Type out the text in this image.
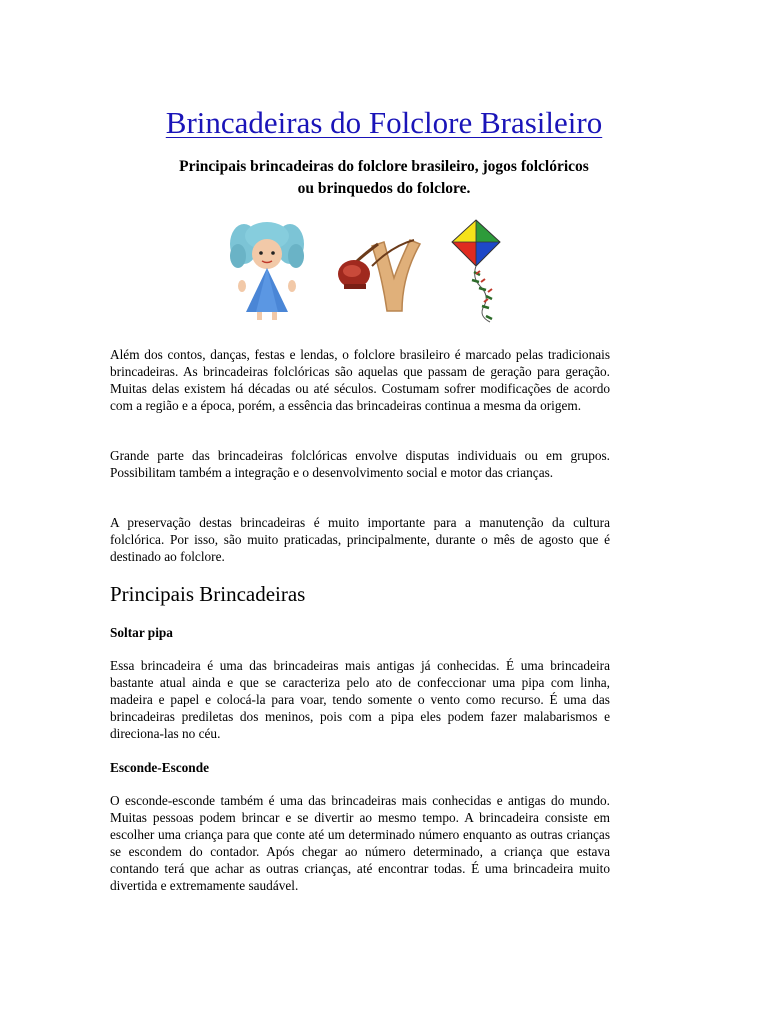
Brincadeiras do Folclore Brasileiro

Principais brincadeiras do folclore brasileiro, jogos folclóricos ou brinquedos do folclore.

Além dos contos, danças, festas e lendas, o folclore brasileiro é marcado pelas tradicionais brincadeiras. As brincadeiras folclóricas são aquelas que passam de geração para geração. Muitas delas existem há décadas ou até séculos. Costumam sofrer modificações de acordo com a região e a época, porém, a essência das brincadeiras continua a mesma da origem.

Grande parte das brincadeiras folclóricas envolve disputas individuais ou em grupos. Possibilitam também a integração e o desenvolvimento social e motor das crianças.

A preservação destas brincadeiras é muito importante para a manutenção da cultura folclórica. Por isso, são muito praticadas, principalmente, durante o mês de agosto que é destinado ao folclore.

Principais Brincadeiras

Soltar pipa

Essa brincadeira é uma das brincadeiras mais antigas já conhecidas. É uma brincadeira bastante atual ainda e que se caracteriza pelo ato de confeccionar uma pipa com linha, madeira e papel e colocá-la para voar, tendo somente o vento como recurso. É uma das brincadeiras prediletas dos meninos, pois com a pipa eles podem fazer malabarismos e direciona-las no céu.

Esconde-Esconde

O esconde-esconde também é uma das brincadeiras mais conhecidas e antigas do mundo. Muitas pessoas podem brincar e se divertir ao mesmo tempo. A brincadeira consiste em escolher uma criança para que conte até um determinado número enquanto as outras crianças se escondem do contador. Após chegar ao número determinado, a criança que estava contando terá que achar as outras crianças, até encontrar todas. É uma brincadeira muito divertida e extremamente saudável.
